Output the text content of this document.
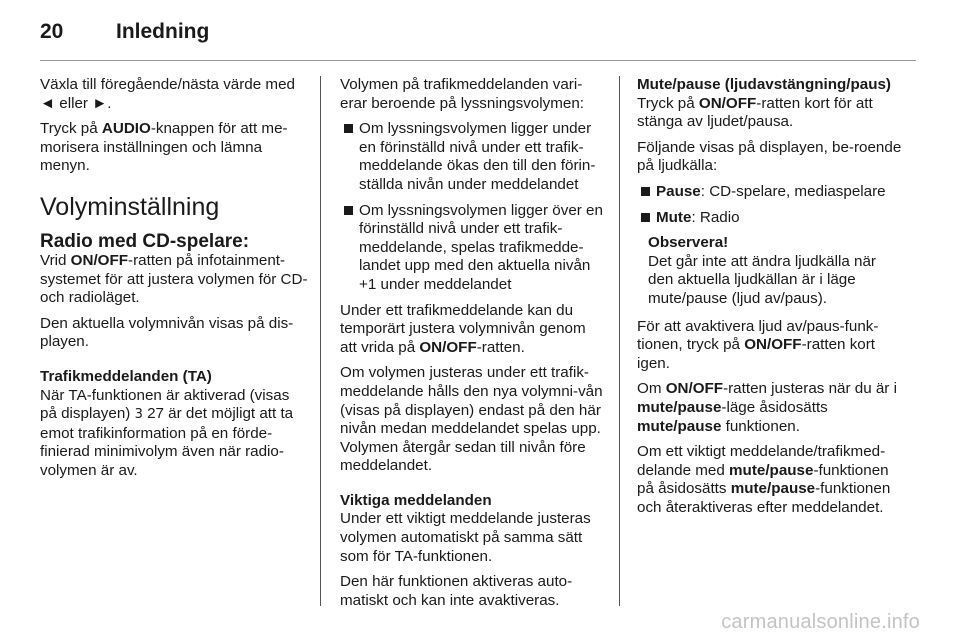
20	Inledning

Växla till föregående/nästa värde med ◄ eller ►.

Tryck på AUDIO-knappen för att me-morisera inställningen och lämna menyn.

Volyminställning
Radio med CD-spelare:

Vrid ON/OFF-ratten på infotainment-systemet för att justera volymen för CD- och radioläget.

Den aktuella volymnivån visas på dis-playen.

Trafikmeddelanden (TA)

När TA-funktionen är aktiverad (visas på displayen) 3 27 är det möjligt att ta emot trafikinformation på en förde-finierad minimivolym även när radio-volymen är av.

Volymen på trafikmeddelanden vari-erar beroende på lyssningsvolymen:

Om lyssningsvolymen ligger under en förinställd nivå under ett trafik-meddelande ökas den till den förin-ställda nivån under meddelandet
Om lyssningsvolymen ligger över en förinställd nivå under ett trafik-meddelande, spelas trafikmedde-landet upp med den aktuella nivån +1 under meddelandet

Under ett trafikmeddelande kan du temporärt justera volymnivån genom att vrida på ON/OFF-ratten.

Om volymen justeras under ett trafik-meddelande hålls den nya volymni-vån (visas på displayen) endast på den här nivån medan meddelandet spelas upp. Volymen återgår sedan till nivån före meddelandet.

Viktiga meddelanden

Under ett viktigt meddelande justeras volymen automatiskt på samma sätt som för TA-funktionen.

Den här funktionen aktiveras auto-matiskt och kan inte avaktiveras.

Mute/pause (ljudavstängning/paus)

Tryck på ON/OFF-ratten kort för att stänga av ljudet/pausa.

Följande visas på displayen, be-roende på ljudkälla:

Pause: CD-spelare, mediaspelare
Mute: Radio
Observera!
Det går inte att ändra ljudkälla när den aktuella ljudkällan är i läge mute/pause (ljud av/paus).

För att avaktivera ljud av/paus-funk-tionen, tryck på ON/OFF-ratten kort igen.

Om ON/OFF-ratten justeras när du är i mute/pause-läge åsidosätts mute/pause funktionen.

Om ett viktigt meddelande/trafikmed-delande med mute/pause-funktionen på åsidosätts mute/pause-funktionen och återaktiveras efter meddelandet.

carmanualsonline.info
